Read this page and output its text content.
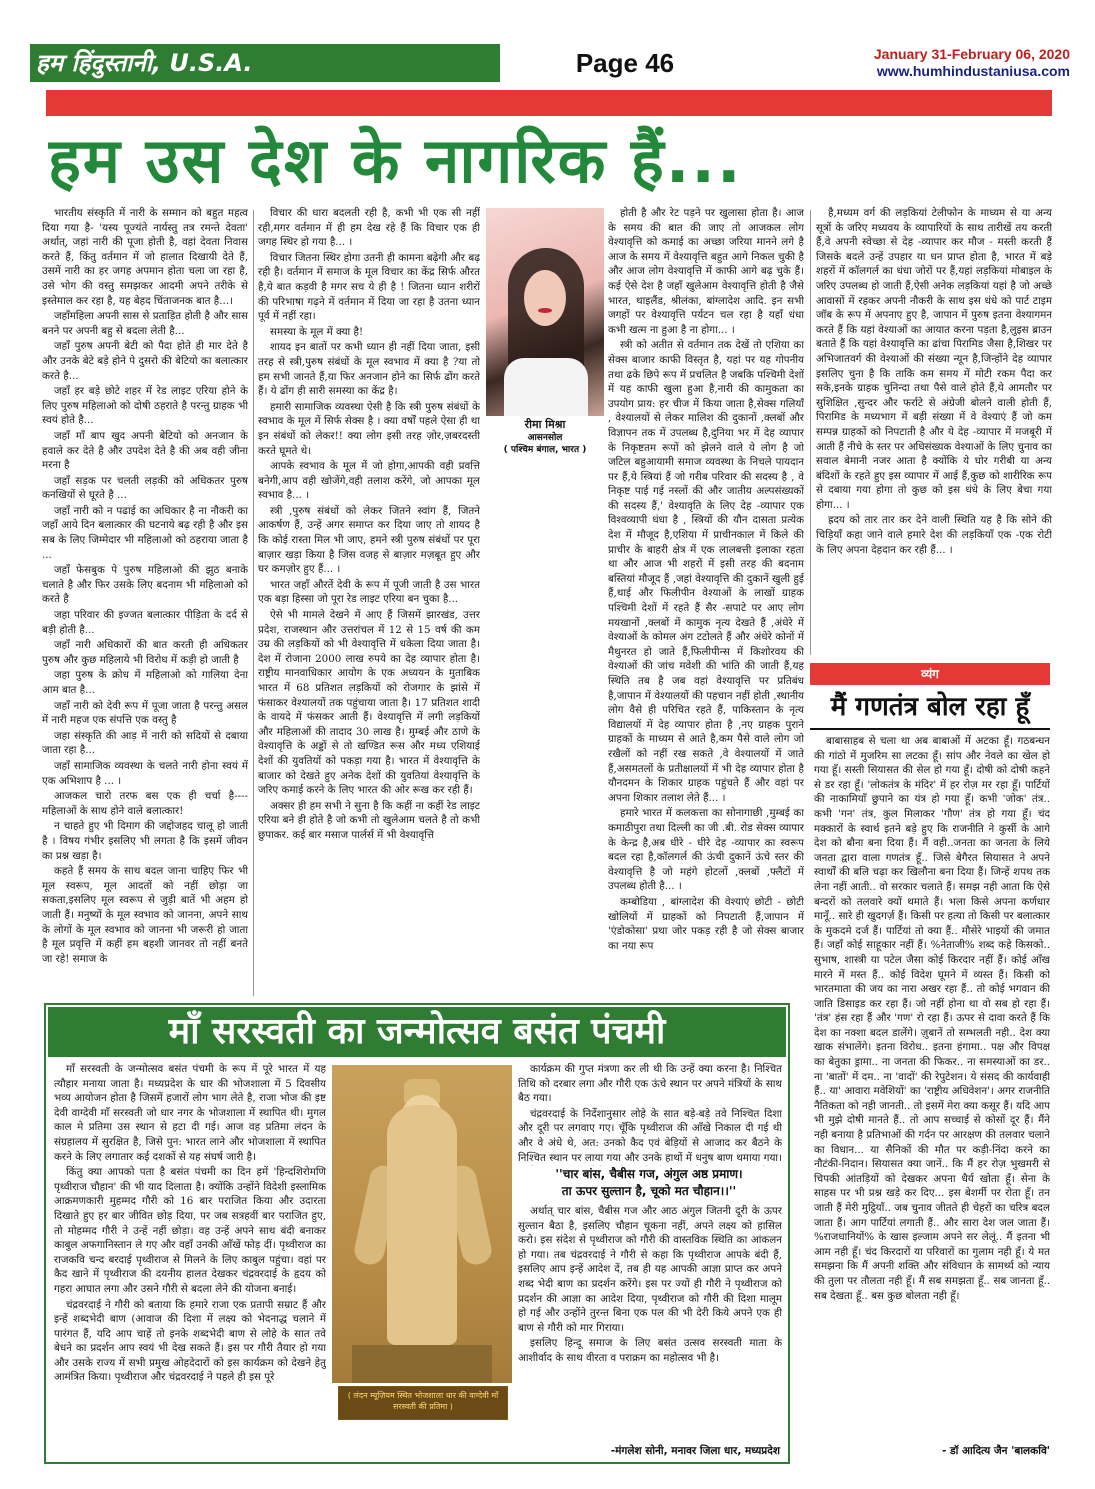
हम हिंदुस्तानी, U.S.A.	Page 46	January 31-February 06, 2020
www.humhindustaniusa.com
हम उस देश के नागरिक हैं...

भारतीय संस्कृति में नारी के सम्मान को बहुत महत्व दिया गया है- 'यस्य पूज्यंते नार्यस्तु तत्र रमन्ते देवता' अर्थात्, जहां नारी की पूजा होती है, वहां देवता निवास करते हैं, किंतु वर्तमान में जो हालात दिखायी देते हैं, उसमें नारी का हर जगह अपमान होता चला जा रहा है, उसे भोग की वस्तु समझकर आदमी अपने तरीके से इस्तेमाल कर रहा है, यह बेहद चिंताजनक बात है...।

जहाँमहिला अपनी सास से प्रताड़ित होती है और सास बनने पर अपनी बहु से बदला लेती है...

जहाँ पुरुष अपनी बेटी को पैदा होते ही मार देते है और उनके बेटे बड़े होने पे दुसरो की बेटियो का बलात्कार करते है...

जहाँ हर बड़े छोटे शहर में रेड लाइट एरिया होने के लिए पुरुष महिलाओ को दोषी ठहराते है परन्तु ग्राहक भी स्वयं होते है...

जहाँ माँ बाप खुद अपनी बेटियो को अनजान के हवाले कर देते है और उपदेश देते है की अब वही जीना मरना है

जहाँ सड़क पर चलती लड़की को अधिकतर पुरुष कनखियों से घूरते है ...

जहाँ नारी को न पढाई का अधिकार है ना नौकरी का जहाँ आये दिन बलात्कार की घटनाये बढ़ रही है और इस सब के लिए जिम्मेदार भी महिलाओ को ठहराया जाता है ...

जहाँ फेसबुक पे पुरुष महिलाओ की झुठ बनाके चलाते है और फिर उसके लिए बदनाम भी महिलाओ को करते है

जहा परिवार की इज्जत बलात्कार पीड़िता के दर्द से बड़ी होती है...

जहाँ नारी अधिकारों की बात करती ही अधिकतर पुरुष और कुछ महिलाये भी विरोध में कड़ी हो जाती है

जहा पुरुष के क्रोध में महिलाओ को गालिया देना आम बात है...

जहाँ नारी को देवी रूप में पूजा जाता है परन्तु असल में नारी महज एक संपत्ति एक वस्तु है

जहा संस्कृति की आड़ में नारी को सदियों से दबाया जाता रहा है...

जहाँ सामाजिक व्यवस्था के चलते नारी होना स्वयं में एक अभिशाप है ... ।

आजकल चारो तरफ बस एक ही चर्चा है----महिलाओं के साथ होने वाले बलात्कार!

न चाहते हुए भी दिमाग की जद्दोजहद चालू हो जाती है । विषय गंभीर इसलिए भी लगता है कि इसमें जीवन का प्रश्न खड़ा है।

कहते हैं समय के साथ बदल जाना चाहिए फिर भी मूल स्वरूप, मूल आदतों को नहीं छोड़ा जा सकता,इसलिए मूल स्वरूप से जुड़ी बातें भी अहम हो जाती हैं। मनुष्यों के मूल स्वभाव को जानना, अपने साथ के लोगों के मूल स्वभाव को जानना भी जरूरी हो जाता है मूल प्रवृत्ति में कहीं हम बहशी जानवर तो नहीं बनते जा रहे! समाज के

विचार की धारा बदलती रही है, कभी भी एक सी नहीं रही,मगर वर्तमान में ही हम देख रहे हैं कि विचार एक ही जगह स्थिर हो गया है... ।

विचार जितना स्थिर होगा उतनी ही कामना बढ़ेगी और बढ़ रही है। वर्तमान में समाज के मूल विचार का केंद्र सिर्फ औरत है,ये बात कड़वी है मगर सच ये ही है ! जितना ध्यान शरीरों की परिभाषा गढ़ने में वर्तमान में दिया जा रहा है उतना ध्यान पूर्व में नहीं रहा।

समस्या के मूल में क्या है!

शायद इन बातों पर कभी ध्यान ही नहीं दिया जाता, इसी तरह से स्त्री,पुरुष संबंधों के मूल स्वभाव में क्या है ?या तो हम सभी जानते हैं,या फिर अनजान होने का सिर्फ ढोंग करते हैं। ये ढोंग ही सारी समस्या का केंद्र है।

हमारी सामाजिक व्यवस्था ऐसी है कि स्त्री पुरुष संबंधों के स्वभाव के मूल में सिर्फ सेक्स है । क्या वर्षों पहले ऐसा ही था इन संबंधों को लेकर!! क्या लोग इसी तरह ज़ोर,ज़बरदस्ती करते घूमते थे।

आपके स्वभाव के मूल में जो होगा,आपकी वही प्रवत्ति बनेगी,आप वही खोजेंगे,वही तलाश करेंगे, जो आपका मूल स्वभाव है... ।

स्त्री ,पुरुष संबंधों को लेकर जितने स्वांग हैं, जितने आकर्षण हैं, उन्हें अगर समाप्त कर दिया जाए तो शायद है कि कोई रास्ता मिल भी जाए, हमने स्त्री पुरुष संबंधों पर पूरा बाज़ार खड़ा किया है जिस वजह से बाज़ार मज़बूत हुए और घर कमज़ोर हुए हैं... ।

भारत जहाँ औरतें देवी के रूप में पूजी जाती है उस भारत एक बड़ा हिस्सा जो पूरा रेड लाइट एरिया बन चुका है...

ऐसे भी मामले देखने में आए हैं जिसमें झारखंड, उत्तर प्रदेश, राजस्थान और उत्तरांचल में 12 से 15 वर्ष की कम उम्र की लड़कियों को भी वेश्यावृत्ति में धकेला दिया जाता है। देश में रोजाना 2000 लाख रुपये का देह व्यापार होता है।राष्ट्रीय मानवाधिकार आयोग के एक अध्ययन के मुताबिक भारत में 68 प्रतिशत लड़कियों को रोजगार के झांसे में फंसाकर वेश्यालयों तक पहुंचाया जाता है। 17 प्रतिशत शादी के वायदे में फंसकर आती हैं। वेश्यावृत्ति में लगी लड़कियों और महिलाओं की तादाद 30 लाख है। मुम्बई और ठाणे के वेश्यावृत्ति के अड्डों से तो खण्डित रूस और मध्य एशियाई देशों की युवतियों को पकड़ा गया है। भारत में वेश्यावृत्ति के बाजार को देखते हुए अनेक देशों की युवतियां वेश्यावृत्ति के जरिए कमाई करने के लिए भारत की ओर रूख कर रही हैं।

अक्सर ही हम सभी ने सुना है कि कहीं ना कहीं रेड लाइट एरिया बने ही होते है जो कभी तो खुलेआम चलते है तो कभी छुपाकर. कई बार मसाज पार्लर्स में भी वेश्यावृत्ति

रीमा मिश्रा
आसनसोल
( पश्चिम बंगाल, भारत )

होती है और रेट पड़ने पर खुलासा होता है। आज के समय की बात की जाए तो आजकल लोग वेश्यावृत्ति को कमाई का अच्छा जरिया मानने लगे है आज के समय में वेश्यावृत्ति बहुत आगे निकल चुकी है और आज लोग वेश्यावृत्ति में काफी आगे बढ़ चुके हैं। कई ऐसे देश है जहाँ खुलेआम वेश्यावृत्ति होती है जैसे भारत, थाइलैंड, श्रीलंका, बांग्लादेश आदि. इन सभी जगहों पर वेश्यावृत्ति पर्यटन चल रहा है यहाँ धंधा कभी खत्म ना हुआ है ना होगा... ।

स्त्री को अतीत से वर्तमान तक देखें तो एशिया का सेक्स बाजार काफी विस्तृत है, यहां पर यह गोपनीय तथा ढके छिपे रूप में प्रचलित है जबकि पश्चिमी देशों में यह काफी खुला हुआ है,नारी की कामुकता का उपयोग प्राय: हर चीज में किया जाता है,सेक्स गलियाँ , वेश्यालयों से लेकर मालिश की दुकानों ,क्लबों और विज्ञापन तक में उपलब्ध है,दुनिया भर में देह व्यापार के निकृष्टतम रूपों को झेलने वाले ये लोग है जो जटिल बहुआयामी समाज व्यवस्था के निचले पायदान पर हैं,ये स्त्रियां हैं जो गरीब परिवार की सदस्य है , वे निकृष्ट पाई गई नस्लों की और जातीय अल्पसंख्यकों की सदस्य हैं,' वेश्यावृति के लिए देह -व्यापार एक विश्वव्यापी धंधा है , स्त्रियों की यौन दासता प्रत्येक देश में मौजूद है,एशिया में प्राचीनकाल में किले की प्राचीर के बाहरी क्षेत्र में एक लालबत्ती इलाका रहता था और आज भी शहरों में इसी तरह की बदनाम बस्तियां मौजूद हैं ,जहां वेश्यावृत्ति की दुकानें खुली हुई हैं,थाई और फिलीपीन वेश्याओं के लाखों ग्राहक पश्चिमी देशों में रहते हैं सैर -सपाटे पर आए लोग मयखानों ,क्लबों में कामुक नृत्य देखते हैं ,अंधेरे में वेश्याओं के कोमल अंग टटोलते हैं और अंधेरे कोनों में मैथुनरत हो जाते हैं,फिलीपीन्स में किशोरवय की वेश्याओं की जांच मवेशी की भांति की जाती हैं,यह स्थिति तब है जब वहां वेश्यावृत्ति पर प्रतिबंध है,जापान में वेश्यालयों की पहचान नहीं होती ,स्थानीय लोग वैसे ही परिचित रहते हैं, पाकिस्तान के नृत्य विद्यालयों में देह व्यापार होता है ,नए ग्राहक पुराने ग्राहकों के माध्यम से आते है,कम पैसे वाले लोग जो रखैलों को नहीं रख सकते ,वे वेश्यालयों में जाते हैं,असमतलों के प्रतीक्षालयों में भी देह व्यापार होता है यौनदमन के शिकार ग्राहक पहुंचते हैं और वहां पर अपना शिकार तलाश लेते हैं... ।

हमारे भारत में कलकत्ता का सोनागाछी ,मुम्बई का कमाठीपुरा तथा दिल्ली का जी .बी. रोड सेक्स व्यापार के केन्द्र है,अब धीरे - धीरे देह -व्यापार का स्वरूप बदल रहा है,कॉलगर्ल की ऊंची दुकानें ऊंचे स्तर की वेश्यावृत्ति है जो महंगे होटलों ,क्लबों ,फ्लैटों में उपलब्ध होती है... ।

कम्बोडिया , बांग्लादेश की वेश्याएं छोटी - छोटी खोलियों में ग्राहकों को निपटाती हैं,जापान में 'एंडोकोसा' प्रथा जोर पकड़ रही है जो सेक्स बाजार का नया रूप

है,मध्यम वर्ग की लड़कियां टेलीफोन के माध्यम से या अन्य सूत्रों के जरिए मध्यवय के व्यापारियों के साथ तारीखें तय करती हैं,वे अपनी स्वेच्छा से देह -व्यापार कर मौज - मस्ती करती हैं जिसके बदले उन्हें उपहार या धन प्राप्त होता है, भारत में बड़े शहरों में कॉलगर्ल का धंधा जोरों पर हैं,यहां लड़कियां मोबाइल के जरिए उपलब्ध हो जाती हैं,ऐसी अनेक लड़कियां यहां है जो अच्छे आवासों में रहकर अपनी नौकरी के साथ इस धंधे को पार्ट टाइम जॉब के रूप में अपनाए हुए है, जापान में पुरुष इतना वेश्यागमन करते हैं कि यहां वेश्याओं का आयात करना पड़ता है,लुइस ब्राउन बताते हैं कि यहां वेश्यावृत्ति का ढांचा पिरामिड जैसा है,शिखर पर अभिजातवर्ग की वेश्याओं की संख्या न्यून है,जिन्होंने देह व्यापार इसलिए चुना है कि ताकि कम समय में मोटी रकम पैदा कर सके,इनके ग्राहक चुनिन्दा तथा पैसे वाले होते हैं,ये आमतौर पर सुशिक्षित ,सुन्दर और फर्राटे से अंग्रेजी बोलने वाली होती हैं, पिरामिड के मध्यभाग में बड़ी संख्या में वे वेश्याएं हैं जो कम सम्पन्न ग्राहकों को निपटाती है और ये देह -व्यापार में मजबूरी में आती हैं नीचे के स्तर पर अधिसंख्यक वेश्याओं के लिए चुनाव का सवाल बेमानी नजर आता है क्योंकि ये घोर गरीबी या अन्य बंदिशों के रहते हुए इस व्यापार में आई हैं,कुछ को शारीरिक रूप से दबाया गया होगा तो कुछ को इस धंधे के लिए बेचा गया होगा... ।

ह्रदय को तार तार कर देने वाली स्थिति यह है कि सोने की चिड़ियाँ कहा जाने वाले हमारे देश की लड़कियाँ एक -एक रोटी के लिए अपना देहदान कर रही हैं... ।

माँ सरस्वती का जन्मोत्सव बसंत पंचमी

माँ सरस्वती के जन्मोत्सव बसंत पंचमी के रूप में पूरे भारत में यह त्यौहार मनाया जाता है। मध्यप्रदेश के धार की भोजशाला में 5 दिवसीय भव्य आयोजन होता है जिसमें हजारों लोग भाग लेते है, राजा भोज की इष्ट देवी वाग्देवी माँ सरस्वती जो धार नगर के भोजशाला में स्थापित थी। मुगल काल मे प्रतिमा उस स्थान से हटा दी गई। आज वह प्रतिमा लंदन के संग्रहालय में सुरक्षित है, जिसे पुन: भारत लाने और भोजशाला में स्थापित करने के लिए लगातार कई दशकों से यह संघर्ष जारी है।

किंतु क्या आपको पता है बसंत पंचमी का दिन हमें 'हिन्दशिरोमणि पृथ्वीराज चौहान' की भी याद दिलाता है। क्योंकि उन्होंने विदेशी इस्लामिक आक्रमणकारी मुहम्मद गौरी को 16 बार पराजित किया और उदारता दिखाते हुए हर बार जीवित छोड़ दिया, पर जब सत्रहवीं बार पराजित हुए, तो मोहम्मद गौरी ने उन्हें नहीं छोड़ा। वह उन्हें अपने साथ बंदी बनाकर काबुल अफगानिस्तान ले गए और वहाँ उनकी आँखें फोड़ दीं। पृथ्वीराज का राजकवि चन्द बरदाई पृथ्वीराज से मिलने के लिए काबुल पहुंचा। वहां पर कैद खाने में पृथ्वीराज की दयनीय हालत देखकर चंद्रवरदाई के हृदय को गहरा आघात लगा और उसने गौरी से बदला लेने की योजना बनाई।

चंद्रवरदाई ने गौरी को बताया कि हमारे राजा एक प्रतापी सम्राट हैं और इन्हें शब्दभेदी बाण (आवाज की दिशा में लक्ष्य को भेदनाद्ध चलाने में पारंगत हैं, यदि आप चाहें तो इनके शब्दभेदी बाण से लोहे के सात तवे बेधने का प्रदर्शन आप स्वयं भी देख सकते हैं। इस पर गौरी तैयार हो गया और उसके राज्य में सभी प्रमुख ओहदेदारों को इस कार्यक्रम को देखने हेतु आमंत्रित किया। पृथ्वीराज और चंद्रवरदाई ने पहले ही इस पूरे

( लंदन म्यूज़ियम स्थित भोजशाला धार की वाग्देवी माँ सरस्वती की प्रतिमा )

कार्यक्रम की गुप्त मंत्रणा कर ली थी कि उन्हें क्या करना है। निश्चित तिथि को दरबार लगा और गौरी एक ऊंचे स्थान पर अपने मंत्रियों के साथ बैठ गया।

चंद्रवरदाई के निर्देशानुसार लोहे के सात बड़े-बड़े तवे निश्चित दिशा और दूरी पर लगवाए गए। चूँकि पृथ्वीराज की आँखे निकाल दी गई थी और वे अंधे थे, अत: उनको कैद एवं बेड़ियों से आजाद कर बैठने के निश्चित स्थान पर लाया गया और उनके हाथों में धनुष बाण थमाया गया।

''चार बांस, चैबीस गज, अंगुल अष्ठ प्रमाण।
ता ऊपर सुल्तान है, चूको मत चौहान।।''

अर्थात् चार बांस, चैबीस गज और आठ अंगुल जितनी दूरी के ऊपर सुल्तान बैठा है, इसलिए चौहान चूकना नहीं, अपने लक्ष्य को हासिल करो। इस संदेश से पृथ्वीराज को गौरी की वास्तविक स्थिति का आंकलन हो गया। तब चंद्रवरदाई ने गौरी से कहा कि पृथ्वीराज आपके बंदी हैं, इसलिए आप इन्हें आदेश दें, तब ही यह आपकी आज्ञा प्राप्त कर अपने शब्द भेदी बाण का प्रदर्शन करेंगे। इस पर ज्यों ही गौरी ने पृथ्वीराज को प्रदर्शन की आज्ञा का आदेश दिया, पृथ्वीराज को गौरी की दिशा मालूम हो गई और उन्होंने तुरन्त बिना एक पल की भी देरी किये अपने एक ही बाण से गौरी को मार गिराया।

इसलिए हिन्दू समाज के लिए बसंत उत्सव सरस्वती माता के आशीर्वाद के साथ वीरता व पराक्रम का महोत्सव भी है।

-मंगलेश सोनी, मनावर जिला धार, मध्यप्रदेश
व्यंग
मैं गणतंत्र बोल रहा हूँ

बाबासाहब से चला था अब बाबाओं में अटका हूँ। गठबन्धन की गांठो में मुजरिम सा लटका हूँ। सांप और नेवले का खेल हो गया हूँ। सस्ती सियासत की सेल हो गया हूँ। दोषी को दोषी कहने से डर रहा हूँ। 'लोकतंत्र के मंदिर' में हर रोज़ मर रहा हूँ। पार्टियों की नाकामियाँ छुपाने का यंत्र हो गया हूँ। कभी 'जोक' तंत्र.. कभी 'गन' तंत्र, कुल मिलाकर 'गौण' तंत्र हो गया हूँ। चंद मक्कारों के स्वार्थ इतने बड़े हुए कि राजनीति ने कुर्सी के आगे देश को बौना बना दिया हैं। मैं वही..जनता का जनता के लिये जनता द्वारा वाला गणतंत्र हूँ.. जिसे बेगैरत सियासत ने अपने स्वार्थों की बलि चढ़ा कर खिलौना बना दिया हैं। जिन्हें शपथ तक लेना नहीं आती.. वो सरकार चलाते हैं। समझ नही आता कि ऐसे बन्दरों को तलवारे क्यों थमाते हैं। भला किसे अपना कर्णधार मानूँ.. सारे ही खुदगर्ज़ हैं। किसी पर हत्या तो किसी पर बलात्कार के मुकदमे दर्ज हैं। पार्टियां तो क्या हैं.. मौसेरे भाइयों की जमात हैं। जहाँ कोई साहूकार नहीं हैं। %नेताजी% शब्द कहे किसको.. सुभाष, शास्त्री या पटेल जैसा कोई किरदार नहीं हैं। कोई आँख मारने में मस्त हैं.. कोई विदेश घूमने में व्यस्त हैं। किसी को भारतमाता की जय का नारा अखर रहा हैं.. तो कोई भगवान की जाति डिसाइड कर रहा हैं। जो नहीं होना था वो सब हो रहा हैं। 'तंत्र' हंस रहा हैं और 'गण' रो रहा हैं। ऊपर से दावा करते हैं कि देश का नक्शा बदल डालेंगे। ज़ुबानें तो सम्भलती नही.. देश क्या खाक संभालेंगे। इतना विरोध.. इतना हंगामा.. पक्ष और विपक्ष का बेतुका ड्रामा.. ना जनता की फिकर.. ना समस्याओं का डर.. ना 'बातों' में दम.. ना 'वादों' की रेपुटेशन। ये संसद की कार्यवाही हैं.. या' आवारा मवेशियों' का 'राष्ट्रीय अधिवेशन'। अगर राजनीति नैतिकता को नही जानती.. तो इसमें मेरा क्या कसूर हैं। यदि आप भी मुझे दोषी मानते हैं.. तो आप सच्चाई से कोसों दूर हैं। मैंने नही बनाया है प्रतिभाओं की गर्दन पर आरक्षण की तलवार चलाने का विधान... या सैनिकों की मौत पर कड़ी-निंदा करने का नौटंकी-निदान। सियासत क्या जानें.. कि मैं हर रोज़ भुखमरी से चिपकी आंतड़ियों को देखकर अपना धैर्य खोता हूँ। सेना के साहस पर भी प्रश्न खड़े कर दिए... इस बेशर्मी पर रोता हूँ। तन जाती हैं मेरी मुट्ठियाँ.. जब चुनाव जीतते ही चेहरों का चरित्र बदल जाता हैं। आग पार्टियां लगाती हैं.. और सारा देश जल जाता हैं। %राजधानियों% के खास इल्जाम अपने सर लेलूं.. मैं इतना भी आम नही हूँ। चंद किरदारों या परिवारों का गुलाम नही हूँ। ये मत समझना कि मैं अपनी शक्ति और संविधान के सामर्थ्य को न्याय की तुला पर तौलता नही हूँ। मैं सब समझता हूँ.. सब जानता हूँ.. सब देखता हूँ.. बस कुछ बोलता नही हूँ।

- डॉ आदित्य जैन 'बालकवि'
